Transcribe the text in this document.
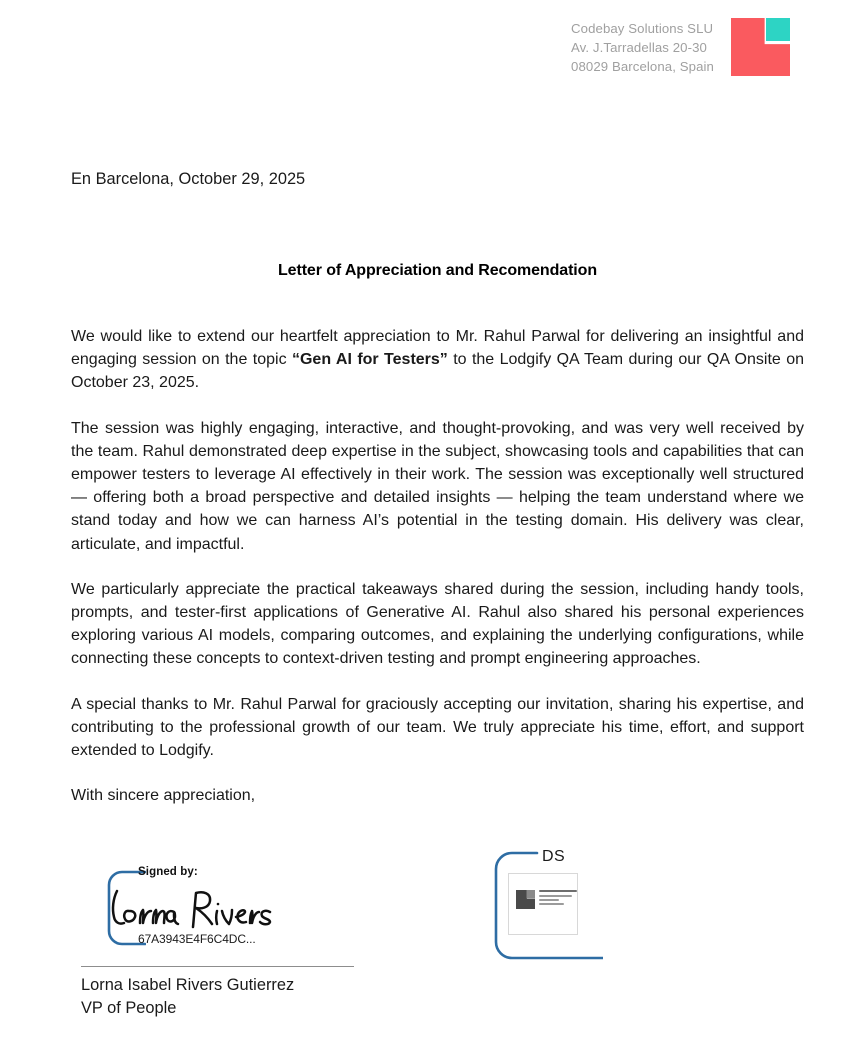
Codebay Solutions SLU
Av. J.Tarradellas 20-30
08029 Barcelona, Spain
En Barcelona, October 29, 2025
Letter of Appreciation and Recomendation
We would like to extend our heartfelt appreciation to Mr. Rahul Parwal for delivering an insightful and engaging session on the topic “Gen AI for Testers” to the Lodgify QA Team during our QA Onsite on October 23, 2025.
The session was highly engaging, interactive, and thought-provoking, and was very well received by the team. Rahul demonstrated deep expertise in the subject, showcasing tools and capabilities that can empower testers to leverage AI effectively in their work. The session was exceptionally well structured — offering both a broad perspective and detailed insights — helping the team understand where we stand today and how we can harness AI’s potential in the testing domain. His delivery was clear, articulate, and impactful.
We particularly appreciate the practical takeaways shared during the session, including handy tools, prompts, and tester-first applications of Generative AI. Rahul also shared his personal experiences exploring various AI models, comparing outcomes, and explaining the underlying configurations, while connecting these concepts to context-driven testing and prompt engineering approaches.
A special thanks to Mr. Rahul Parwal for graciously accepting our invitation, sharing his expertise, and contributing to the professional growth of our team. We truly appreciate his time, effort, and support extended to Lodgify.
With sincere appreciation,
Signed by:
67A3943E4F6C4DC...
DS
Lorna Isabel Rivers Gutierrez
VP of People
